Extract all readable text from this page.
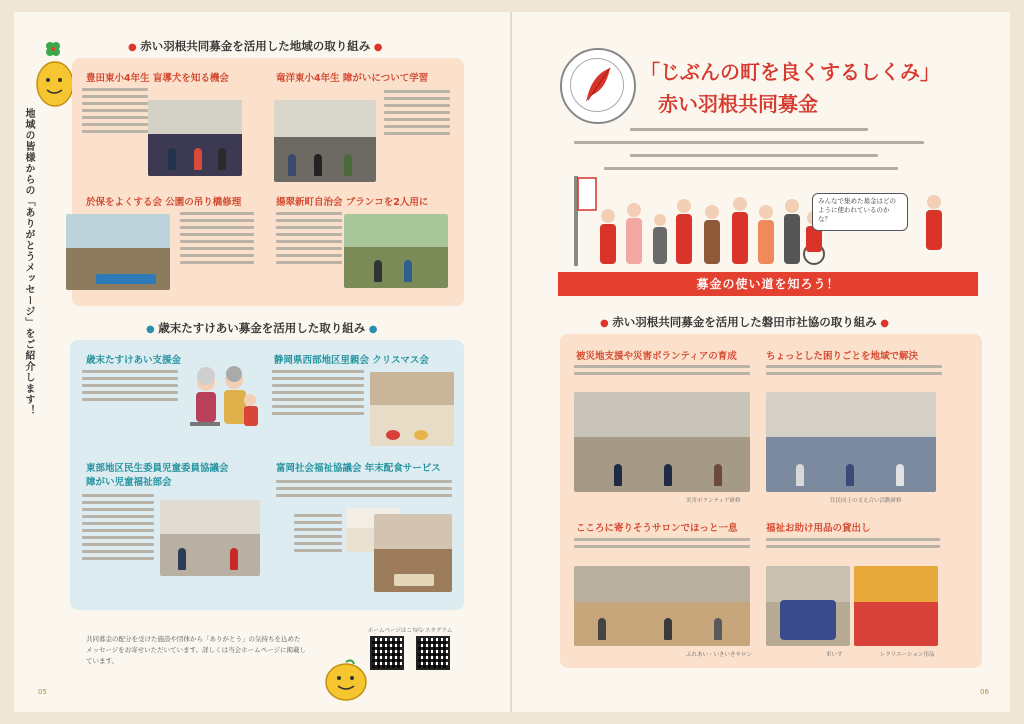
地域の皆様からの「ありがとうメッセージ」をご紹介します！
● 赤い羽根共同募金を活用した地域の取り組み ●
豊田東小4年生 盲導犬を知る機会	竜洋東小4年生 障がいについて学習
於保をよくする会 公園の吊り橋修理	揚翠新町自治会 ブランコを2人用に
● 歳末たすけあい募金を活用した取り組み ●
歳末たすけあい支援金	静岡県西部地区里親会 クリスマス会
東部地区民生委員児童委員協議会
障がい児童福祉部会
富岡社会福祉協議会 年末配食サービス
共同募金の配分を受けた施設や団体から「ありがとう」の気持ちを込めたメッセージをお寄せいただいています。詳しくは当会ホームページに掲載しています。
ホームページはこちら
インスタグラム
05
「じぶんの町を良くするしくみ」
赤い羽根共同募金
みんなで集めた募金はどのように使われているのかな？
募金の使い道を知ろう！
● 赤い羽根共同募金を活用した磐田市社協の取り組み ●
被災地支援や災害ボランティアの育成
災害ボランティア研修
ちょっとした困りごとを地域で解決
住民同士の支え合い活動研修
こころに寄りそうサロンでほっと一息
ふれあい・いきいきサロン
福祉お助け用品の貸出し
車いす	レクリエーション用品
06
